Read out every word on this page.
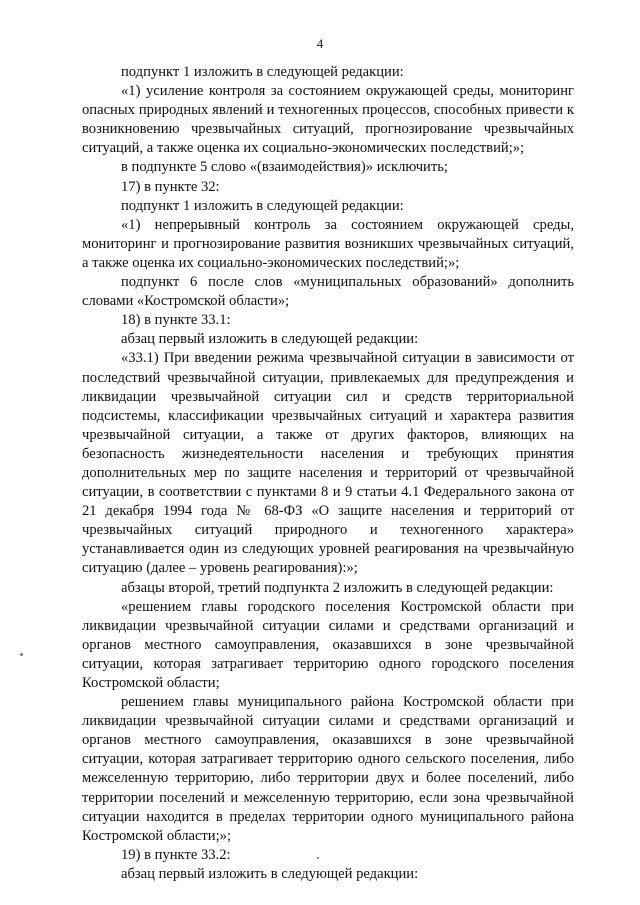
4

подпункт 1 изложить в следующей редакции:

«1) усиление контроля за состоянием окружающей среды, мониторинг опасных природных явлений и техногенных процессов, способных привести к возникновению чрезвычайных ситуаций, прогнозирование чрезвычайных ситуаций, а также оценка их социально-экономических последствий;»;

в подпункте 5 слово «(взаимодействия)» исключить;

17) в пункте 32:

подпункт 1 изложить в следующей редакции:

«1) непрерывный контроль за состоянием окружающей среды, мониторинг и прогнозирование развития возникших чрезвычайных ситуаций, а также оценка их социально-экономических последствий;»;

подпункт 6 после слов «муниципальных образований» дополнить словами «Костромской области»;

18) в пункте 33.1:

абзац первый изложить в следующей редакции:

«33.1) При введении режима чрезвычайной ситуации в зависимости от последствий чрезвычайной ситуации, привлекаемых для предупреждения и ликвидации чрезвычайной ситуации сил и средств территориальной подсистемы, классификации чрезвычайных ситуаций и характера развития чрезвычайной ситуации, а также от других факторов, влияющих на безопасность жизнедеятельности населения и требующих принятия дополнительных мер по защите населения и территорий от чрезвычайной ситуации, в соответствии с пунктами 8 и 9 статьи 4.1 Федерального закона от 21 декабря 1994 года № 68-ФЗ «О защите населения и территорий от чрезвычайных ситуаций природного и техногенного характера» устанавливается один из следующих уровней реагирования на чрезвычайную ситуацию (далее – уровень реагирования):»;

абзацы второй, третий подпункта 2 изложить в следующей редакции:

«решением главы городского поселения Костромской области при ликвидации чрезвычайной ситуации силами и средствами организаций и органов местного самоуправления, оказавшихся в зоне чрезвычайной ситуации, которая затрагивает территорию одного городского поселения Костромской области;

решением главы муниципального района Костромской области при ликвидации чрезвычайной ситуации силами и средствами организаций и органов местного самоуправления, оказавшихся в зоне чрезвычайной ситуации, которая затрагивает территорию одного сельского поселения, либо межселенную территорию, либо территории двух и более поселений, либо территории поселений и межселенную территорию, если зона чрезвычайной ситуации находится в пределах территории одного муниципального района Костромской области;»;

19) в пункте 33.2:

абзац первый изложить в следующей редакции:
